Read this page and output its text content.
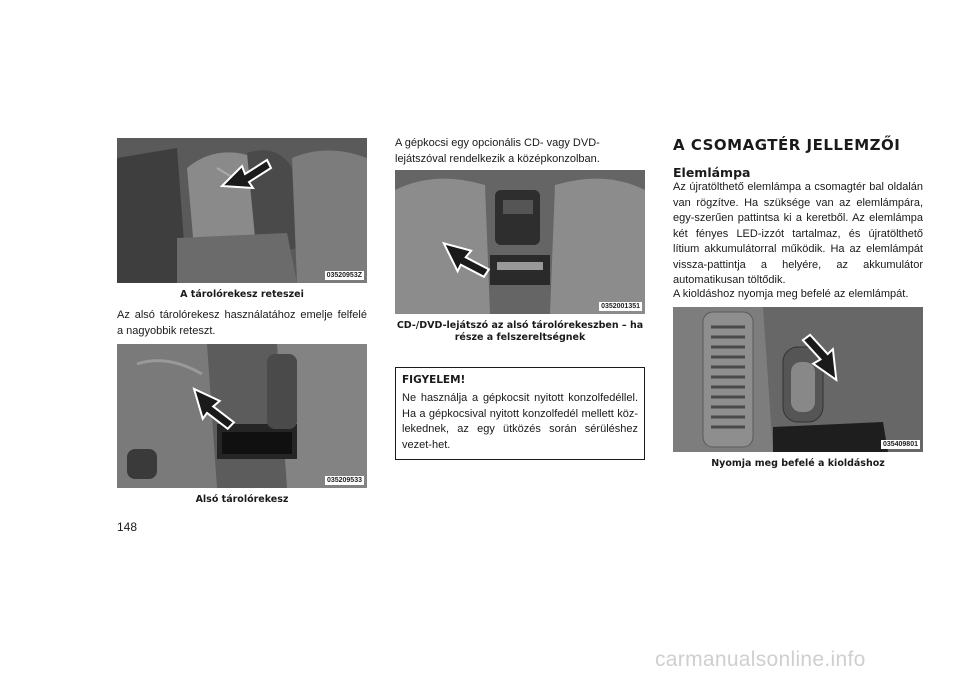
03520953Z
A tárolórekesz reteszei

Az alsó tárolórekesz használatához emelje felfelé a nagyobbik reteszt.

035209533
Alsó tárolórekesz
148

A gépkocsi egy opcionális CD- vagy DVD-lejátszóval rendelkezik a középkonzolban.

0352001351
CD-/DVD-lejátszó az alsó tárolórekeszben – ha
része a felszereltségnek

FIGYELEM!

Ne használja a gépkocsit nyitott konzolfedéllel. Ha a gépkocsival nyitott konzolfedél mellett köz-lekednek, az egy ütközés során sérüléshez vezet-het.

A CSOMAGTÉR JELLEMZŐI
Elemlámpa

Az újratölthető elemlámpa a csomagtér bal oldalán van rögzítve. Ha szüksége van az elemlámpára, egy-szerűen pattintsa ki a keretből. Az elemlámpa két fényes LED-izzót tartalmaz, és újratölthető lítium akkumulátorral működik. Ha az elemlámpát vissza-pattintja a helyére, az akkumulátor automatikusan töltődik.

A kioldáshoz nyomja meg befelé az elemlámpát.

035409801
Nyomja meg befelé a kioldáshoz
carmanualsonline.info
